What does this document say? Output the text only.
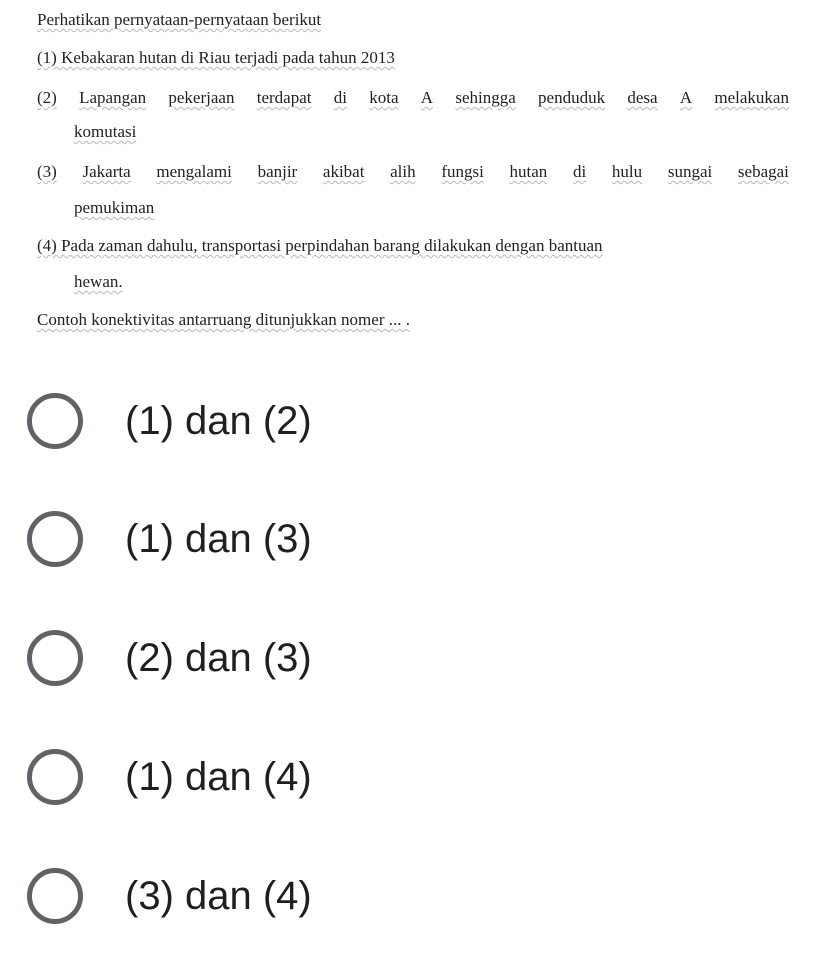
Perhatikan pernyataan-pernyataan berikut
(1) Kebakaran hutan di Riau terjadi pada tahun 2013
(2) Lapangan pekerjaan terdapat di kota A sehingga penduduk desa A melakukan
komutasi
(3) Jakarta mengalami banjir akibat alih fungsi hutan di hulu sungai sebagai
pemukiman
(4) Pada zaman dahulu, transportasi perpindahan barang dilakukan dengan bantuan
hewan.
Contoh konektivitas antarruang ditunjukkan nomer ... .
(1) dan (2)
(1) dan (3)
(2) dan (3)
(1) dan (4)
(3) dan (4)
